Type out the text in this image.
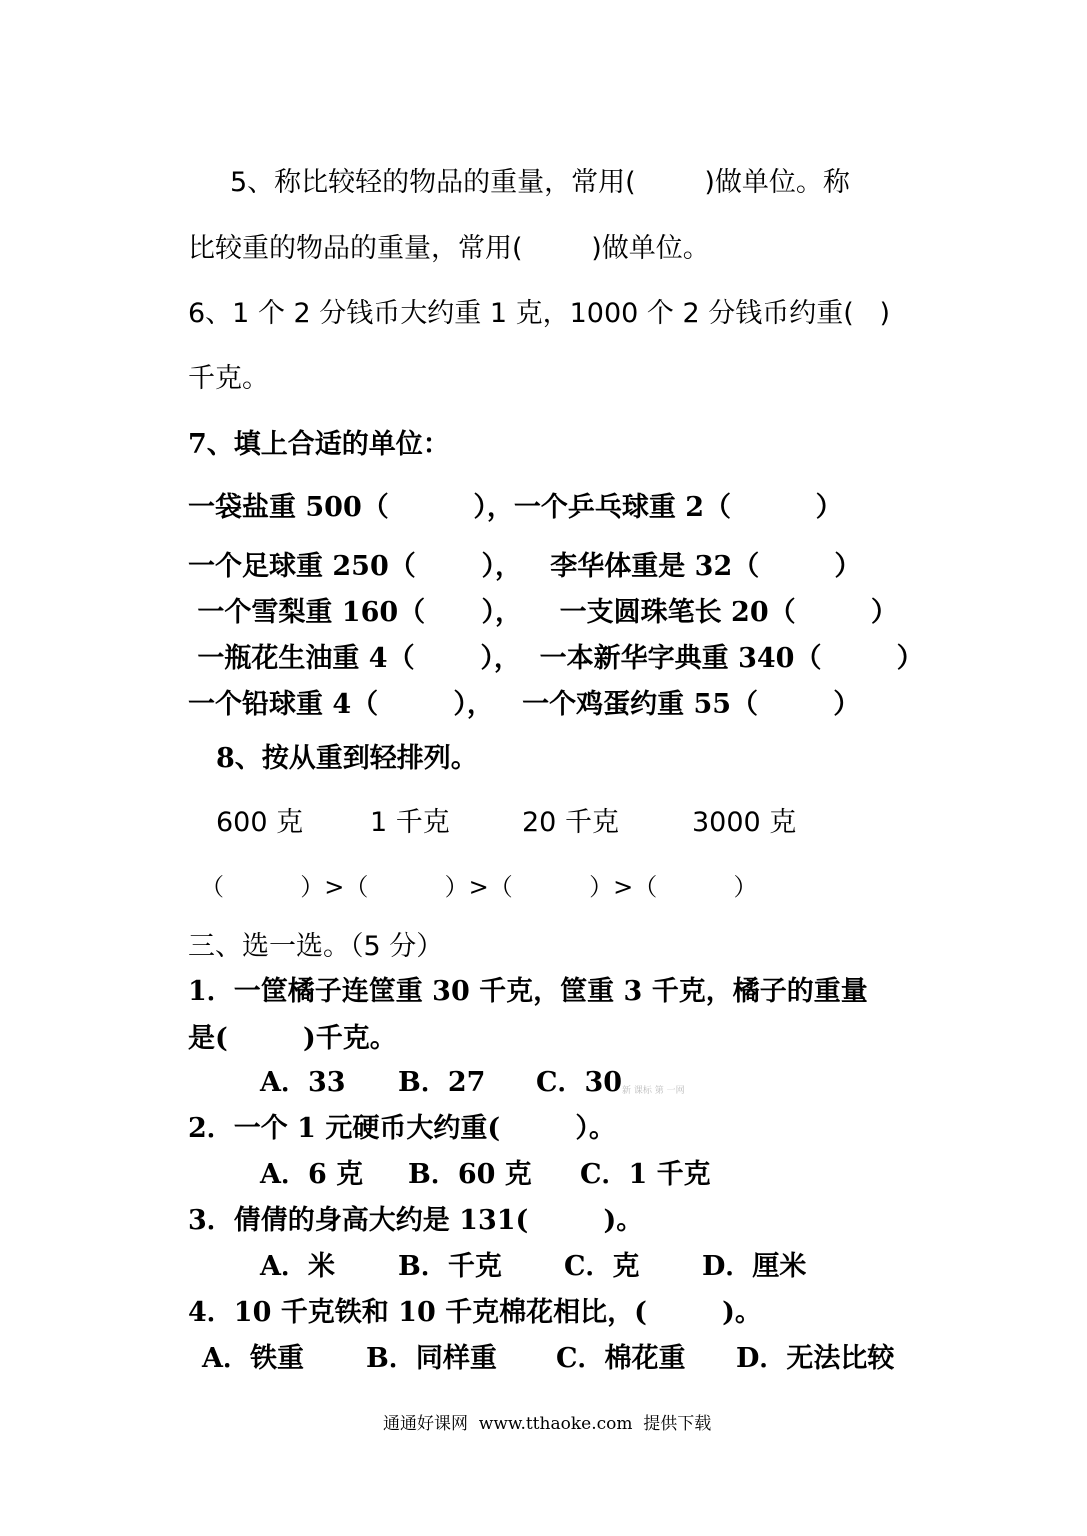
5、称比较轻的物品的重量，常用(        )做单位。称
比较重的物品的重量，常用(        )做单位。
6、1 个 2 分钱币大约重 1 克，1000 个 2 分钱币约重(   )
千克。
7、填上合适的单位：
一袋盐重 500（         ），一个乒乓球重 2（         ）
一个足球重 250（       ），   李华体重是 32（        ）
一个雪梨重 160（      ），    一支圆珠笔长 20（        ）
一瓶花生油重 4（       ），  一本新华字典重 340（        ）
一个铅球重 4（        ），   一个鸡蛋约重 55（        ）
8、按从重到轻排列。
600 克 1 千克	20 千克	3000 克
（          ）>（          ）>（          ）>（          ）
三、选一选。（5 分）
1．一筐橘子连筐重 30 千克，筐重 3 千克，橘子的重量
是(        )千克。
A．33 B．27 C．30 新 课标 第 一网
2．一个 1 元硬币大约重(        ）。
A．6 克 B．60 克 C．1 千克
3．倩倩的身高大约是 131(        )。
A．米 B．千克 C．克 D．厘米
4．10 千克铁和 10 千克棉花相比，(        )。
A．铁重 B．同样重 C．棉花重 D．无法比较
通通好课网  www.tthaoke.com  提供下载
